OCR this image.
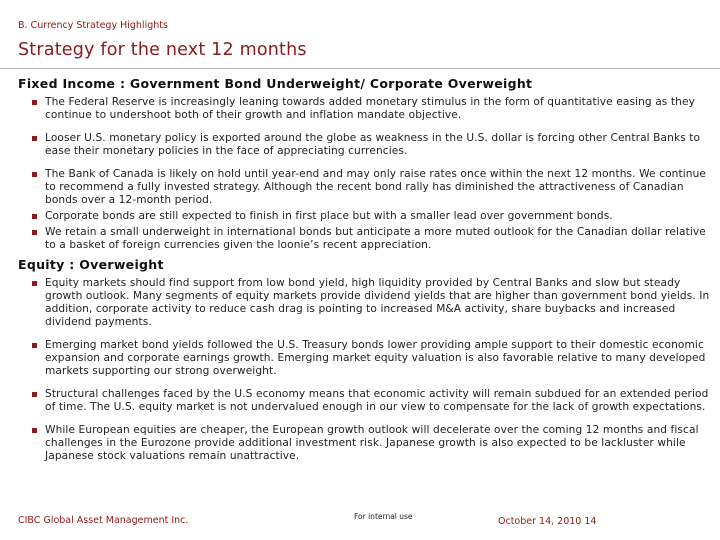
B. Currency Strategy Highlights
Strategy for the next 12 months
Fixed Income : Government Bond Underweight/ Corporate Overweight
The Federal Reserve is increasingly leaning towards added monetary stimulus in the form of quantitative easing as they continue to undershoot both of their growth and inflation mandate objective.
Looser U.S. monetary policy is exported around the globe as weakness in the U.S. dollar is forcing other Central Banks to ease their monetary policies in the face of appreciating currencies.
The Bank of Canada is likely on hold until year-end and may only raise rates once within the next 12 months. We continue to recommend a fully invested strategy. Although the recent bond rally has diminished the attractiveness of Canadian bonds over a 12-month period.
Corporate bonds are still expected to finish in first place but with a smaller lead over government bonds.
We retain a small underweight in international bonds but anticipate a more muted outlook for the Canadian dollar relative to a basket of foreign currencies given the loonie’s recent appreciation.
Equity : Overweight
Equity markets should find support from low bond yield, high liquidity provided by Central Banks and slow but steady growth outlook. Many segments of equity markets provide dividend yields that are higher than government bond yields. In addition, corporate activity to reduce cash drag is pointing to increased M&A activity, share buybacks and increased dividend payments.
Emerging market bond yields followed the U.S. Treasury bonds lower providing ample support to their domestic economic expansion and corporate earnings growth. Emerging market equity valuation is also favorable relative to many developed markets supporting our strong overweight.
Structural challenges faced by the U.S economy means that economic activity will remain subdued for an extended period of time. The U.S. equity market is not undervalued enough in our view to compensate for the lack of growth expectations.
While European equities are cheaper, the European growth outlook will decelerate over the coming 12 months and fiscal challenges in the Eurozone provide additional investment risk. Japanese growth is also expected to be lackluster while Japanese stock valuations remain unattractive.
CIBC Global Asset Management Inc.	For internal use	October 14, 2010 14
